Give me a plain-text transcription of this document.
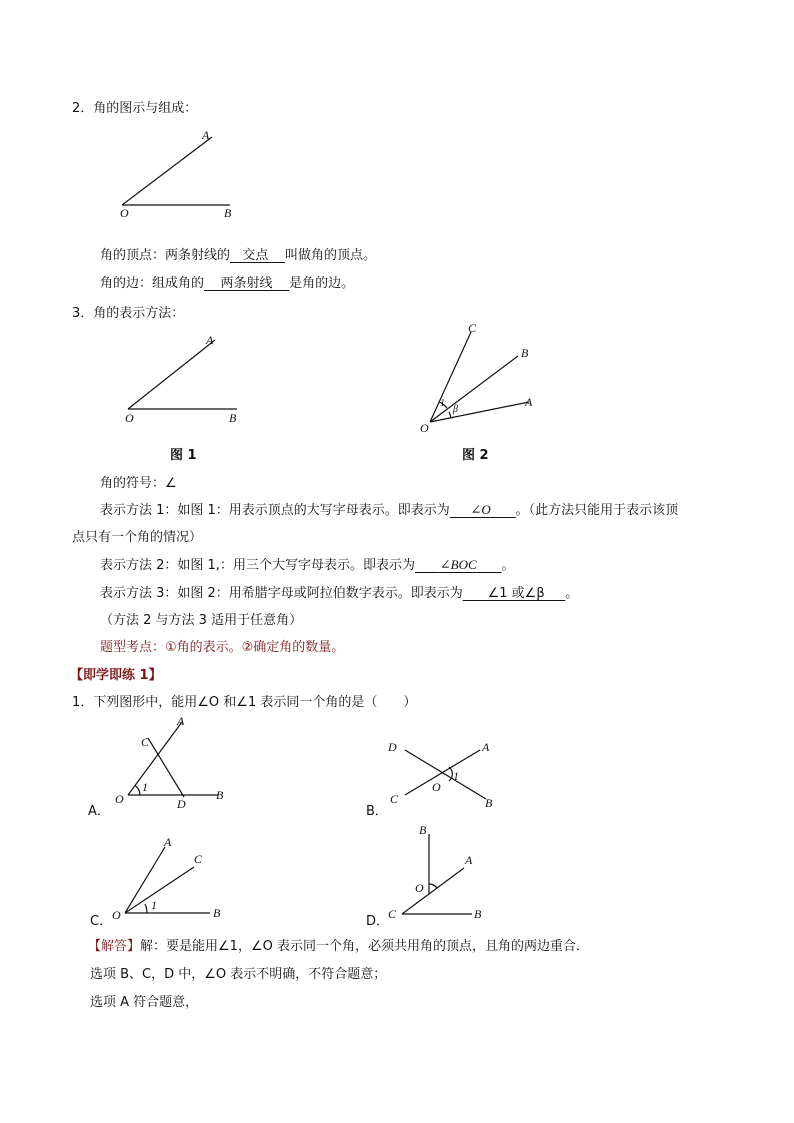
2．角的图示与组成：
A
O	B
角的顶点：两条射线的 交点 叫做角的顶点。
角的边：组成角的 两条射线 是角的边。
3．角的表示方法：
A
O	B
图 1
C
B
A
O
1
β
图 2
角的符号：∠
表示方法 1：如图 1：用表示顶点的大写字母表示。即表示为 ∠O 。（此方法只能用于表示该顶
点只有一个角的情况）
表示方法 2：如图 1,：用三个大写字母表示。即表示为 ∠BOC 。
表示方法 3：如图 2：用希腊字母或阿拉伯数字表示。即表示为 ∠1 或∠β 。
（方法 2 与方法 3 适用于任意角）
题型考点：①角的表示。②确定角的数量。
【即学即练 1】
1．下列图形中，能用∠O 和∠1 表示同一个角的是（　　）
A．
A
C
O
1
D
B
B．
D	A
1
O
C	B
C．
A
C
O
1
B
D．
B
A
O
C	B
【解答】解：要是能用∠1，∠O 表示同一个角，必须共用角的顶点，且角的两边重合．
选项 B、C，D 中，∠O 表示不明确，不符合题意；
选项 A 符合题意，
